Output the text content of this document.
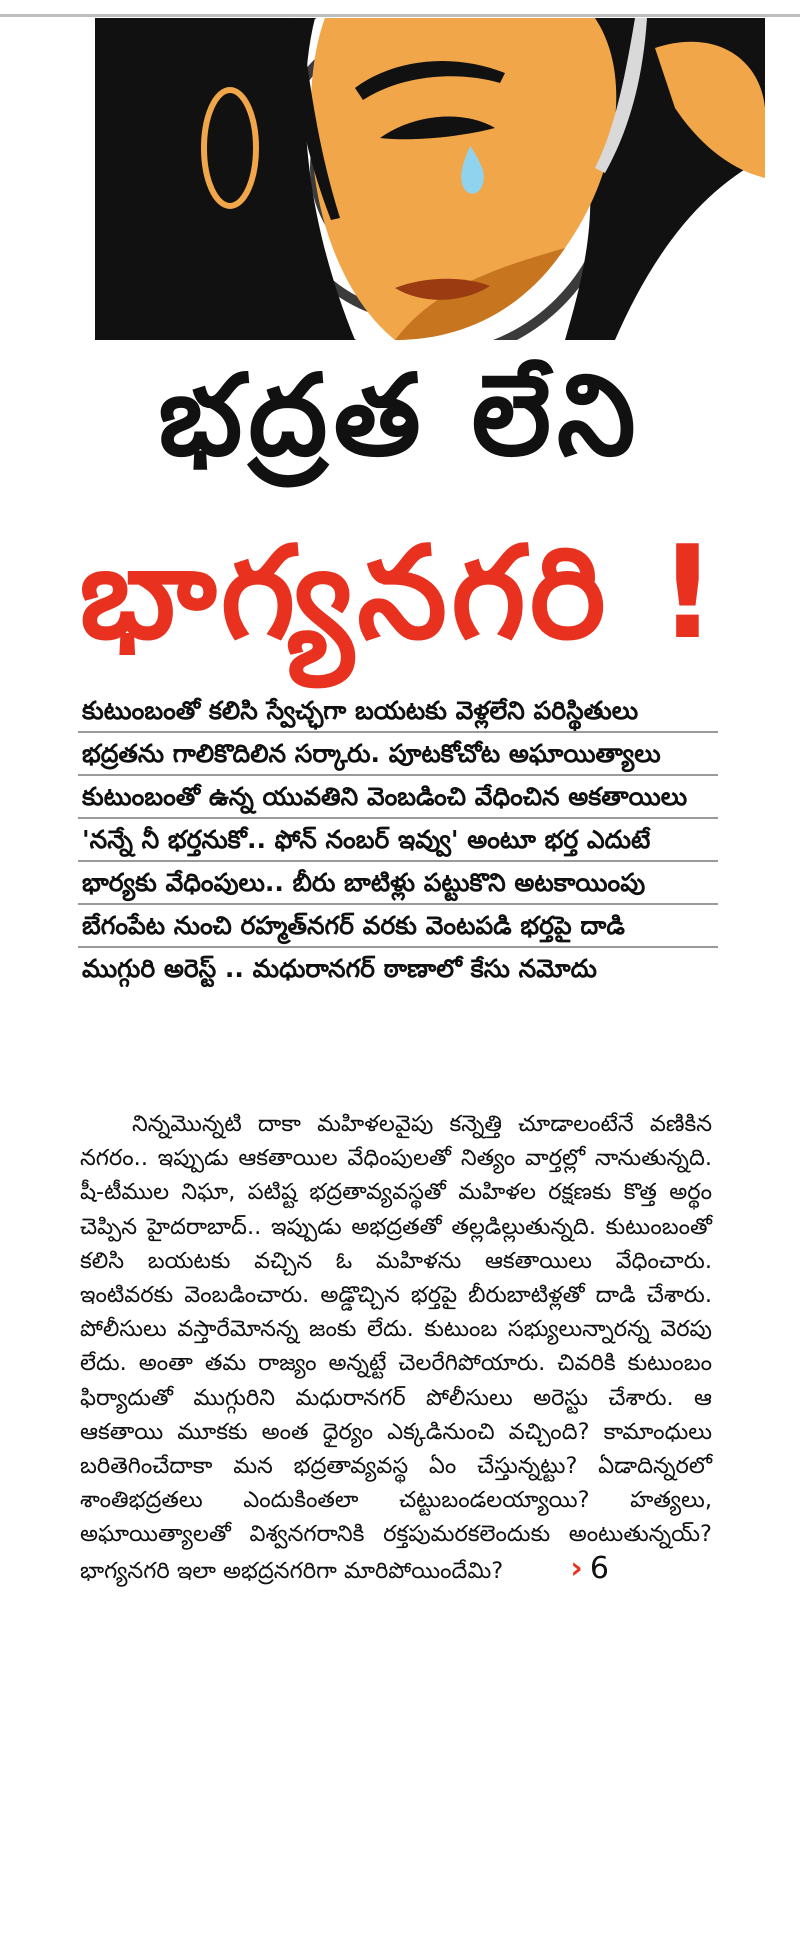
భద్రత లేని
భాగ్యనగరి !
కుటుంబంతో కలిసి స్వేచ్ఛగా బయటకు వెళ్లలేని పరిస్థితులు
భద్రతను గాలికొదిలిన సర్కారు. పూటకోచోట అఘాయిత్యాలు
కుటుంబంతో ఉన్న యువతిని వెంబడించి వేధించిన అకతాయిలు
'నన్నే నీ భర్తనుకో.. ఫోన్ నంబర్ ఇవ్వు' అంటూ భర్త ఎదుటే
భార్యకు వేధింపులు.. బీరు బాటిళ్లు పట్టుకొని అటకాయింపు
బేగంపేట నుంచి రహ్మత్‌నగర్ వరకు వెంటపడి భర్తపై దాడి
ముగ్గురి అరెస్ట్ .. మధురానగర్ ఠాణాలో కేసు నమోదు
నిన్నమొన్నటి దాకా మహిళలవైపు కన్నెత్తి చూడాలంటేనే వణికిన నగరం.. ఇప్పుడు ఆకతాయిల వేధింపులతో నిత్యం వార్తల్లో నానుతున్నది. షీ-టీముల నిఘా, పటిష్ట భద్రతావ్యవస్థతో మహిళల రక్షణకు కొత్త అర్థం చెప్పిన హైదరాబాద్.. ఇప్పుడు అభద్రతతో తల్లడిల్లుతున్నది. కుటుంబంతో కలిసి బయటకు వచ్చిన ఓ మహిళను ఆకతాయిలు వేధించారు. ఇంటివరకు వెంబడించారు. అడ్డొచ్చిన భర్తపై బీరుబాటిళ్లతో దాడి చేశారు. పోలీసులు వస్తారేమోనన్న జంకు లేదు. కుటుంబ సభ్యులున్నారన్న వెరపు లేదు. అంతా తమ రాజ్యం అన్నట్టే చెలరేగిపోయారు. చివరికి కుటుంబం ఫిర్యాదుతో ముగ్గురిని మధురానగర్ పోలీసులు అరెస్టు చేశారు. ఆ ఆకతాయి మూకకు అంత ధైర్యం ఎక్కడినుంచి వచ్చింది? కామాంధులు బరితెగించేదాకా మన భద్రతావ్యవస్థ ఏం చేస్తున్నట్టు? ఏడాదిన్నరలో శాంతిభద్రతలు ఎందుకింతలా చట్టుబండలయ్యాయి? హత్యలు, అఘాయిత్యాలతో విశ్వనగరానికి రక్తపుమరకలెందుకు అంటుతున్నయ్? భాగ్యనగరి ఇలా అభద్రనగరిగా మారిపోయిందేమి? › 6
